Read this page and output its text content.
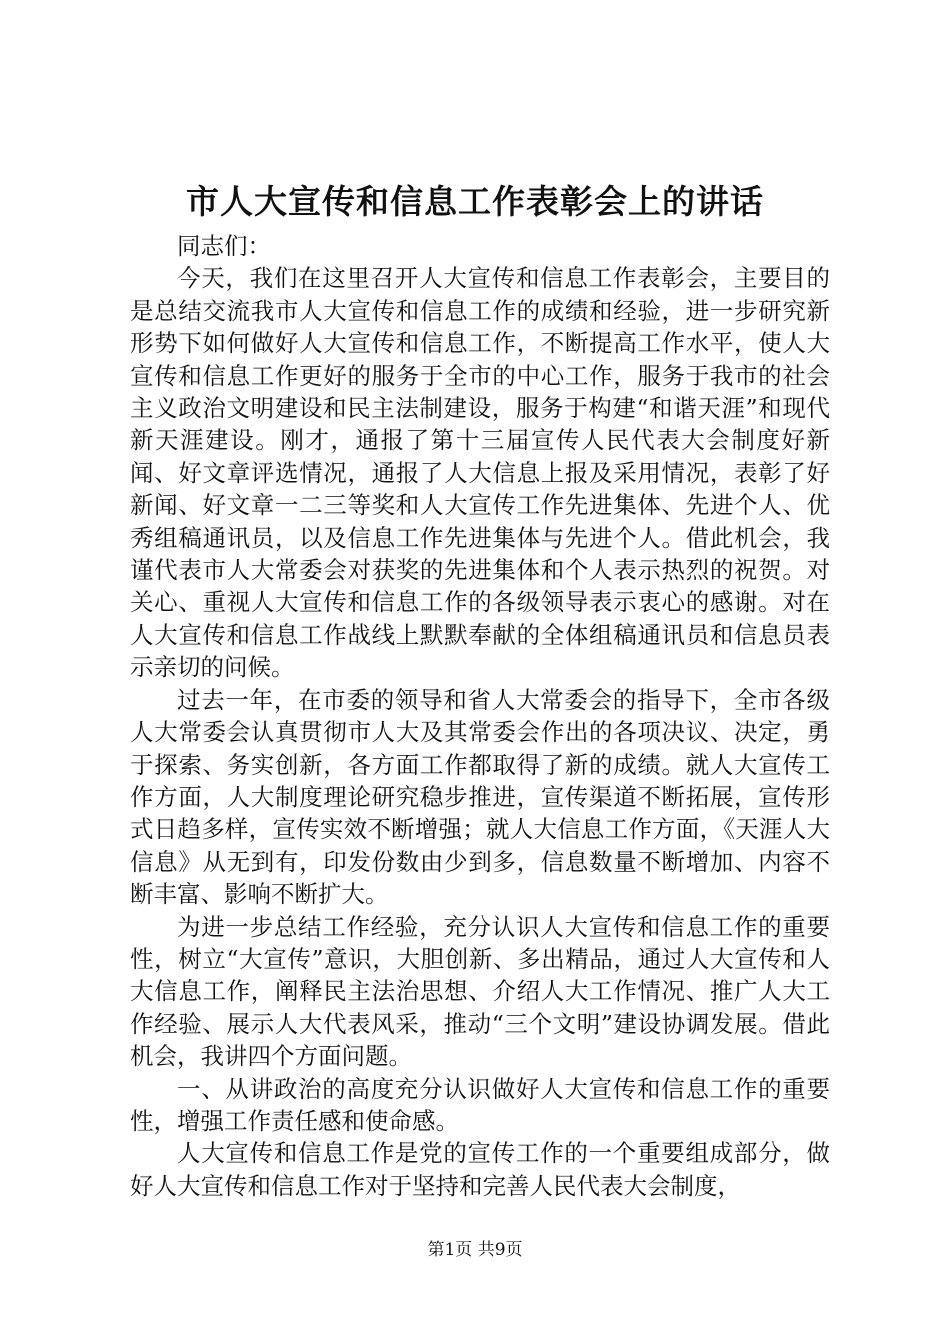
市人大宣传和信息工作表彰会上的讲话

同志们：

今天，我们在这里召开人大宣传和信息工作表彰会，主要目的是总结交流我市人大宣传和信息工作的成绩和经验，进一步研究新形势下如何做好人大宣传和信息工作，不断提高工作水平，使人大宣传和信息工作更好的服务于全市的中心工作，服务于我市的社会主义政治文明建设和民主法制建设，服务于构建“和谐天涯”和现代新天涯建设。刚才，通报了第十三届宣传人民代表大会制度好新闻、好文章评选情况，通报了人大信息上报及采用情况，表彰了好新闻、好文章一二三等奖和人大宣传工作先进集体、先进个人、优秀组稿通讯员，以及信息工作先进集体与先进个人。借此机会，我谨代表市人大常委会对获奖的先进集体和个人表示热烈的祝贺。对关心、重视人大宣传和信息工作的各级领导表示衷心的感谢。对在人大宣传和信息工作战线上默默奉献的全体组稿通讯员和信息员表示亲切的问候。

过去一年，在市委的领导和省人大常委会的指导下，全市各级人大常委会认真贯彻市人大及其常委会作出的各项决议、决定，勇于探索、务实创新，各方面工作都取得了新的成绩。就人大宣传工作方面，人大制度理论研究稳步推进，宣传渠道不断拓展，宣传形式日趋多样，宣传实效不断增强；就人大信息工作方面，《天涯人大信息》从无到有，印发份数由少到多，信息数量不断增加、内容不断丰富、影响不断扩大。

为进一步总结工作经验，充分认识人大宣传和信息工作的重要性，树立“大宣传”意识，大胆创新、多出精品，通过人大宣传和人大信息工作，阐释民主法治思想、介绍人大工作情况、推广人大工作经验、展示人大代表风采，推动“三个文明”建设协调发展。借此机会，我讲四个方面问题。

一、从讲政治的高度充分认识做好人大宣传和信息工作的重要性，增强工作责任感和使命感。

人大宣传和信息工作是党的宣传工作的一个重要组成部分，做好人大宣传和信息工作对于坚持和完善人民代表大会制度，

第1页 共9页
